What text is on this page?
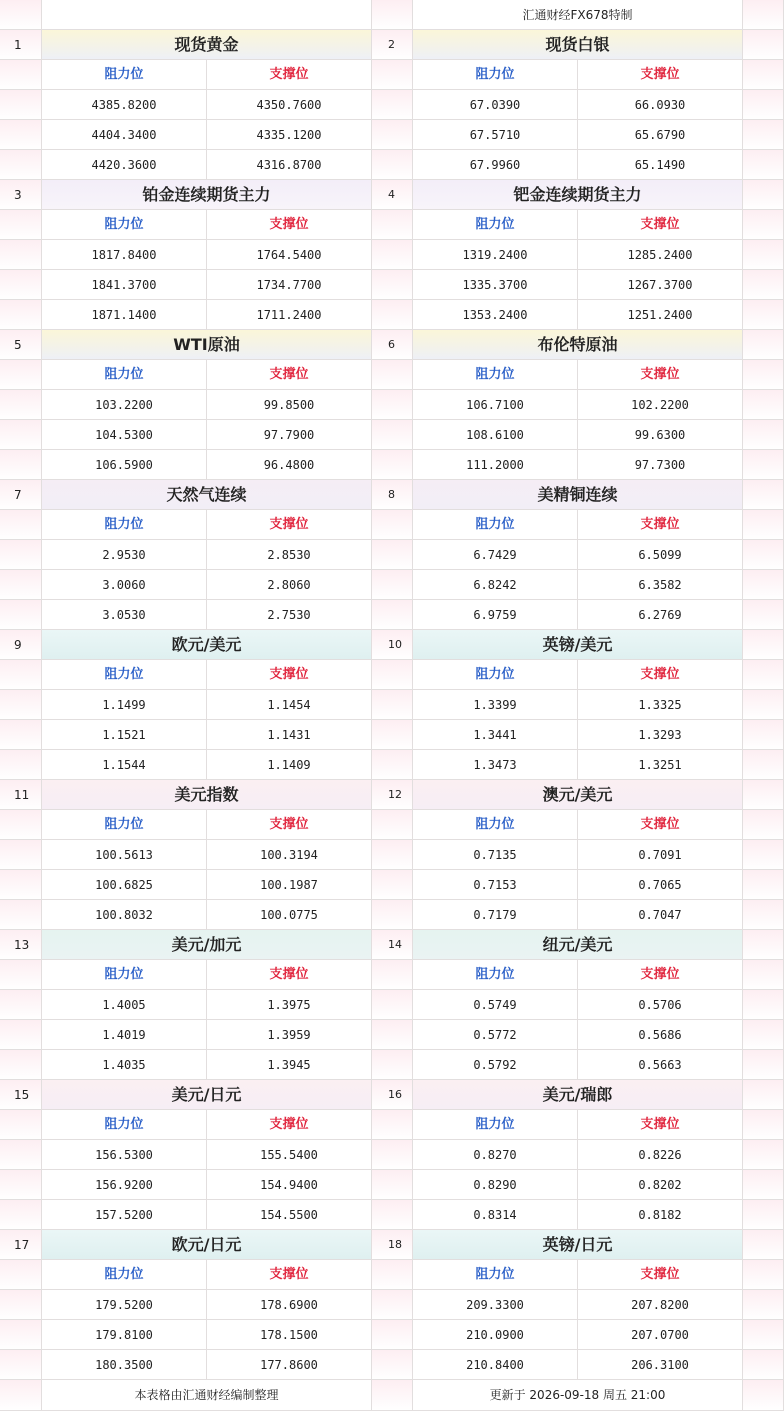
汇通财经FX678特制
1	现货黄金	2	现货白银
阻力位	支撑位	阻力位	支撑位
4385.8200	4350.7600	67.0390	66.0930
4404.3400	4335.1200	67.5710	65.6790
4420.3600	4316.8700	67.9960	65.1490
3	铂金连续期货主力	4	钯金连续期货主力
阻力位	支撑位	阻力位	支撑位
1817.8400	1764.5400	1319.2400	1285.2400
1841.3700	1734.7700	1335.3700	1267.3700
1871.1400	1711.2400	1353.2400	1251.2400
5	WTI原油	6	布伦特原油
阻力位	支撑位	阻力位	支撑位
103.2200	99.8500	106.7100	102.2200
104.5300	97.7900	108.6100	99.6300
106.5900	96.4800	111.2000	97.7300
7	天然气连续	8	美精铜连续
阻力位	支撑位	阻力位	支撑位
2.9530	2.8530	6.7429	6.5099
3.0060	2.8060	6.8242	6.3582
3.0530	2.7530	6.9759	6.2769
9	欧元/美元	10	英镑/美元
阻力位	支撑位	阻力位	支撑位
1.1499	1.1454	1.3399	1.3325
1.1521	1.1431	1.3441	1.3293
1.1544	1.1409	1.3473	1.3251
11	美元指数	12	澳元/美元
阻力位	支撑位	阻力位	支撑位
100.5613	100.3194	0.7135	0.7091
100.6825	100.1987	0.7153	0.7065
100.8032	100.0775	0.7179	0.7047
13	美元/加元	14	纽元/美元
阻力位	支撑位	阻力位	支撑位
1.4005	1.3975	0.5749	0.5706
1.4019	1.3959	0.5772	0.5686
1.4035	1.3945	0.5792	0.5663
15	美元/日元	16	美元/瑞郎
阻力位	支撑位	阻力位	支撑位
156.5300	155.5400	0.8270	0.8226
156.9200	154.9400	0.8290	0.8202
157.5200	154.5500	0.8314	0.8182
17	欧元/日元	18	英镑/日元
阻力位	支撑位	阻力位	支撑位
179.5200	178.6900	209.3300	207.8200
179.8100	178.1500	210.0900	207.0700
180.3500	177.8600	210.8400	206.3100
本表格由汇通财经编制整理	更新于 2026-09-18 周五 21:00
